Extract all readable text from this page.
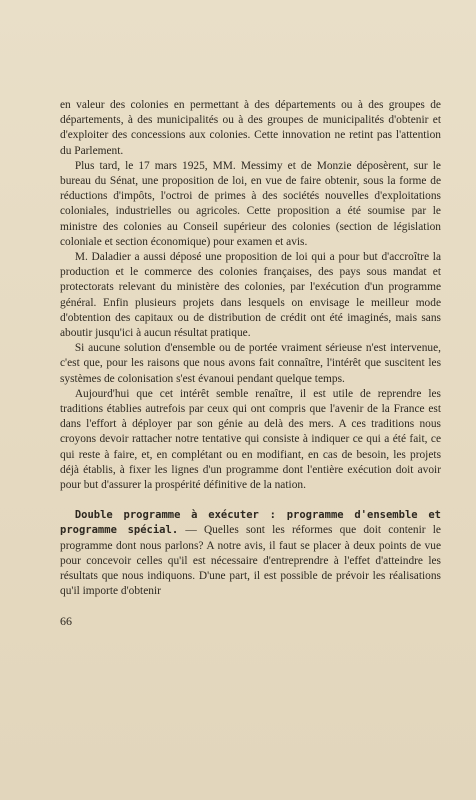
en valeur des colonies en permettant à des départements ou à des groupes de départements, à des municipalités ou à des groupes de municipalités d'obtenir et d'exploiter des concessions aux colonies. Cette innovation ne retint pas l'attention du Parlement.

Plus tard, le 17 mars 1925, MM. Messimy et de Monzie déposèrent, sur le bureau du Sénat, une proposition de loi, en vue de faire obtenir, sous la forme de réductions d'impôts, l'octroi de primes à des sociétés nouvelles d'exploitations coloniales, industrielles ou agricoles. Cette proposition a été soumise par le ministre des colonies au Conseil supérieur des colonies (section de législation coloniale et section économique) pour examen et avis.

M. Daladier a aussi déposé une proposition de loi qui a pour but d'accroître la production et le commerce des colonies françaises, des pays sous mandat et protectorats relevant du ministère des colonies, par l'exécution d'un programme général. Enfin plusieurs projets dans lesquels on envisage le meilleur mode d'obtention des capitaux ou de distribution de crédit ont été imaginés, mais sans aboutir jusqu'ici à aucun résultat pratique.

Si aucune solution d'ensemble ou de portée vraiment sérieuse n'est intervenue, c'est que, pour les raisons que nous avons fait connaître, l'intérêt que suscitent les systèmes de colonisation s'est évanoui pendant quelque temps.

Aujourd'hui que cet intérêt semble renaître, il est utile de reprendre les traditions établies autrefois par ceux qui ont compris que l'avenir de la France est dans l'effort à déployer par son génie au delà des mers. A ces traditions nous croyons devoir rattacher notre tentative qui consiste à indiquer ce qui a été fait, ce qui reste à faire, et, en complétant ou en modifiant, en cas de besoin, les projets déjà établis, à fixer les lignes d'un programme dont l'entière exécution doit avoir pour but d'assurer la prospérité définitive de la nation.

Double programme à exécuter : programme d'ensemble et programme spécial. — Quelles sont les réformes que doit contenir le programme dont nous parlons? A notre avis, il faut se placer à deux points de vue pour concevoir celles qu'il est nécessaire d'entreprendre à l'effet d'atteindre les résultats que nous indiquons. D'une part, il est possible de prévoir les réalisations qu'il importe d'obtenir

66
